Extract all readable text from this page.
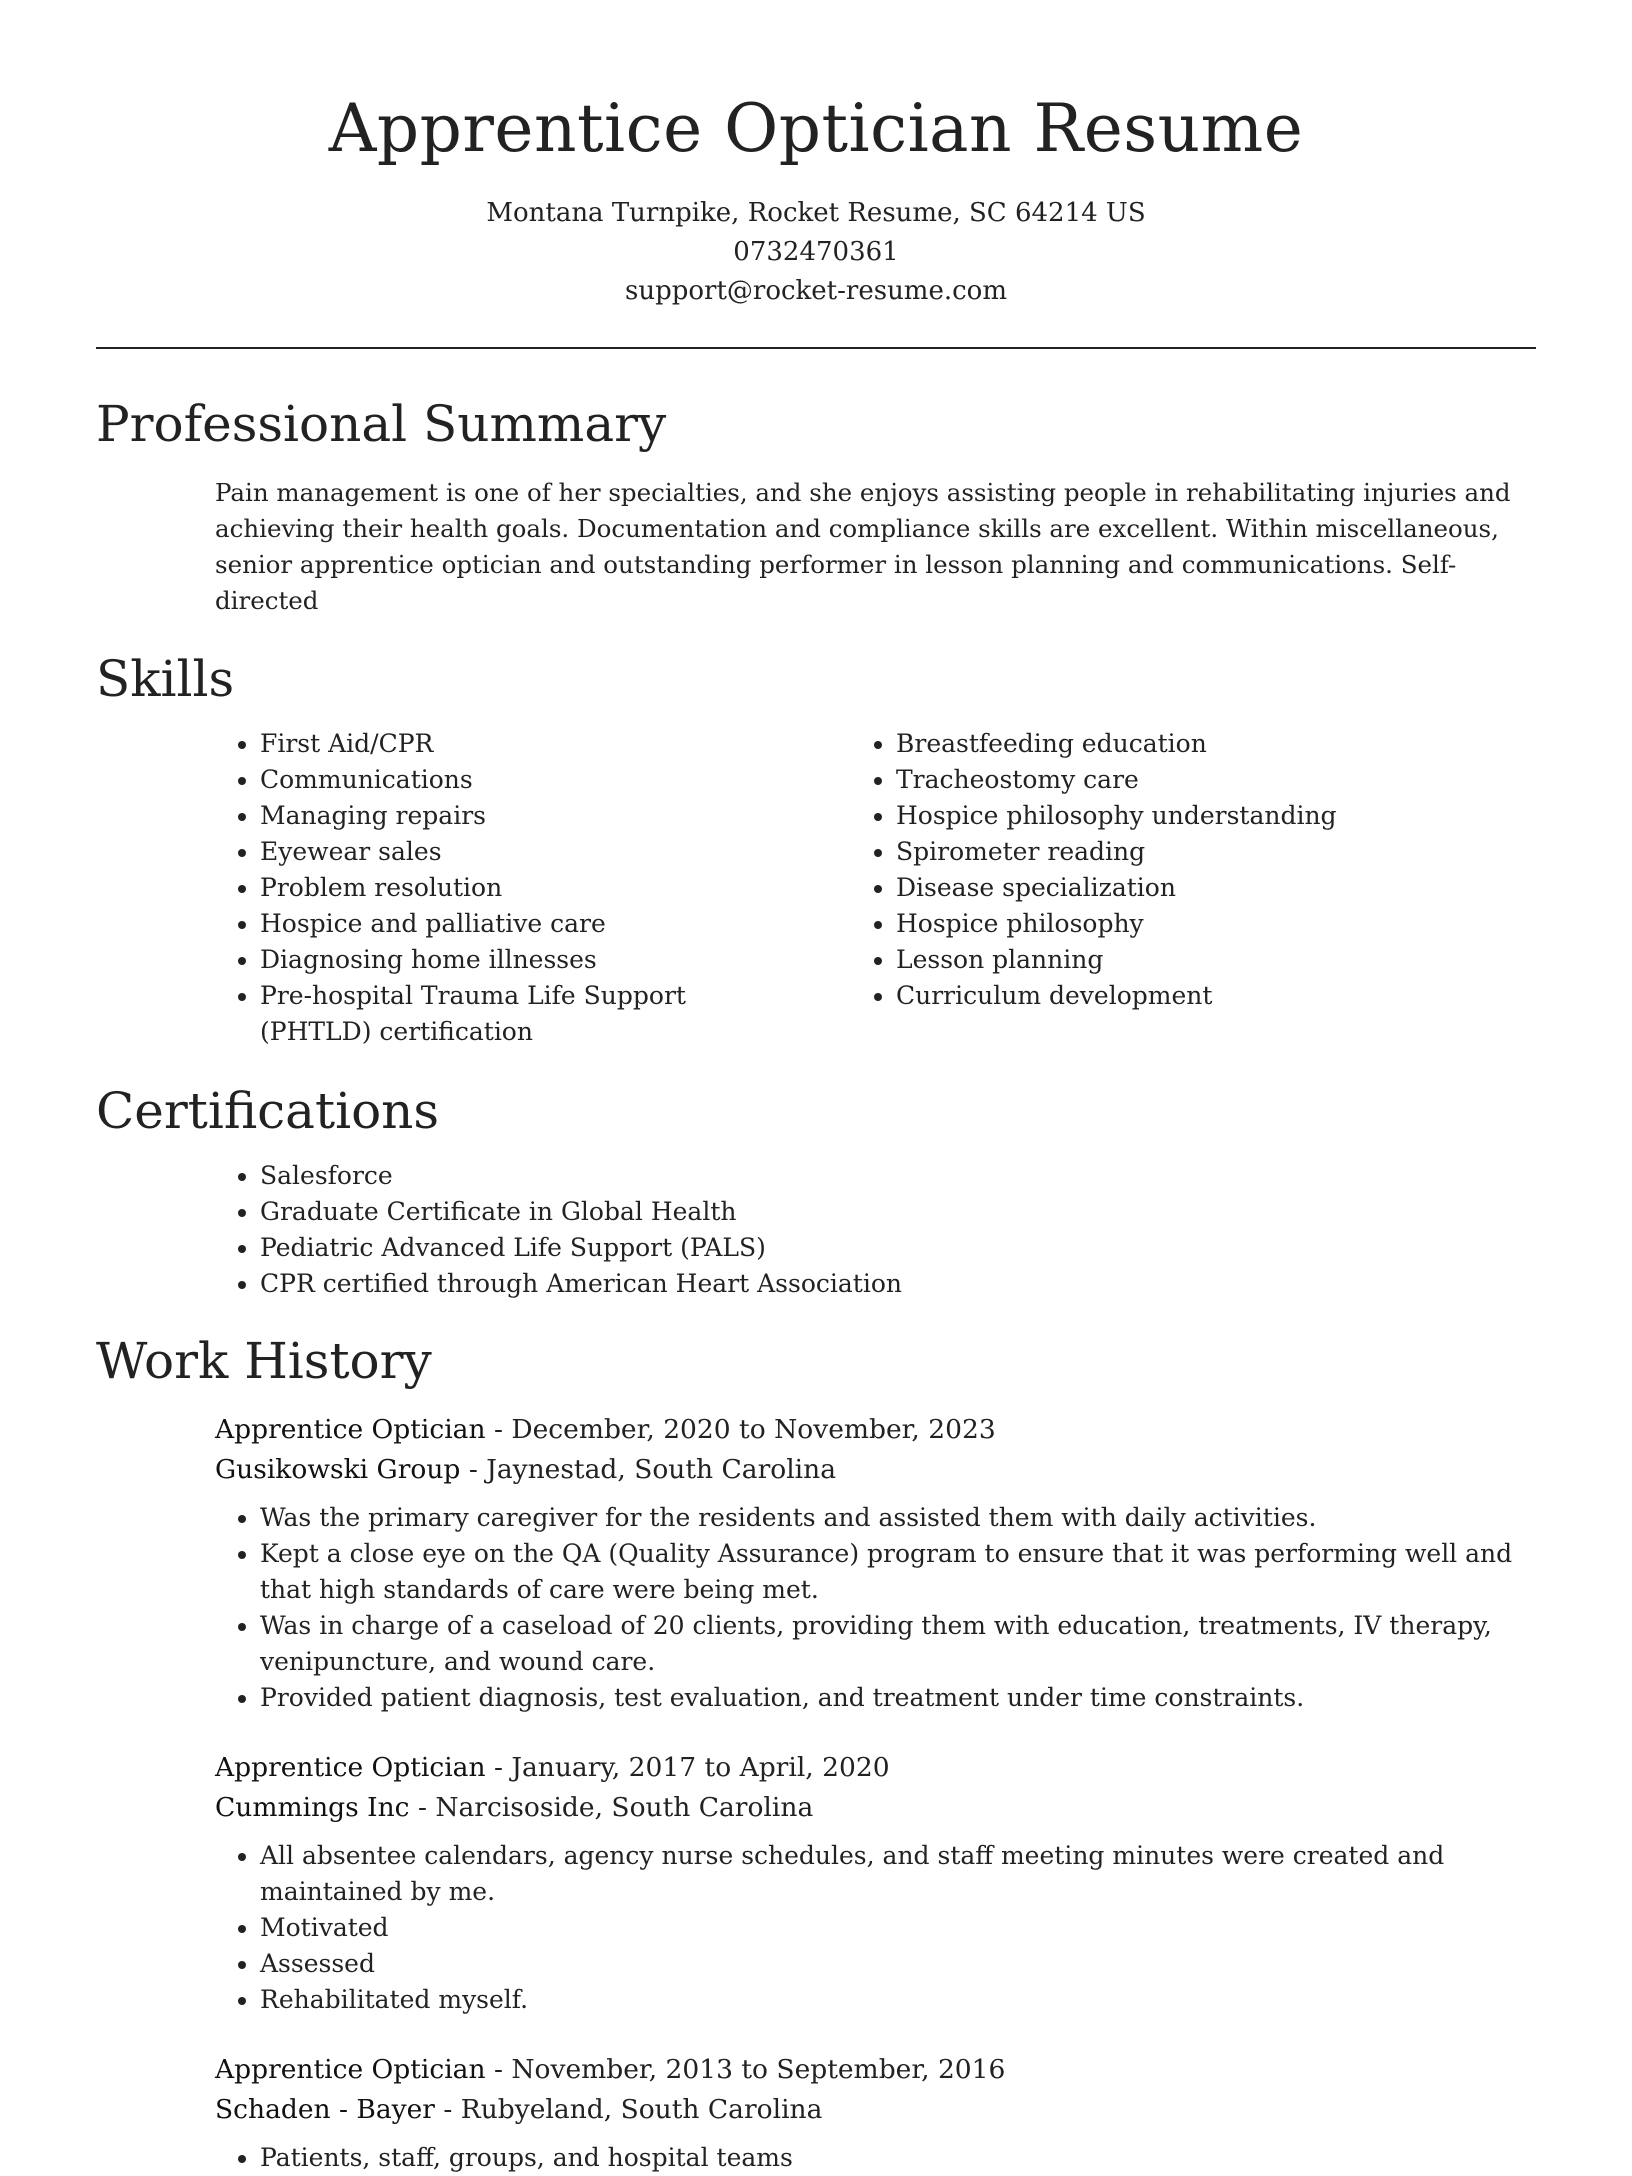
Apprentice Optician Resume
Montana Turnpike, Rocket Resume, SC 64214 US
0732470361
support@rocket-resume.com
Professional Summary

Pain management is one of her specialties, and she enjoys assisting people in rehabilitating injuries and achieving their health goals. Documentation and compliance skills are excellent. Within miscellaneous, senior apprentice optician and outstanding performer in lesson planning and communications. Self-directed

Skills
• First Aid/CPR
• Communications
• Managing repairs
• Eyewear sales
• Problem resolution
• Hospice and palliative care
• Diagnosing home illnesses
• Pre-hospital Trauma Life Support (PHTLD) certification
• Breastfeeding education
• Tracheostomy care
• Hospice philosophy understanding
• Spirometer reading
• Disease specialization
• Hospice philosophy
• Lesson planning
• Curriculum development
Certifications
• Salesforce
• Graduate Certificate in Global Health
• Pediatric Advanced Life Support (PALS)
• CPR certified through American Heart Association
Work History
Apprentice Optician - December, 2020 to November, 2023
Gusikowski Group - Jaynestad, South Carolina
• Was the primary caregiver for the residents and assisted them with daily activities.
• Kept a close eye on the QA (Quality Assurance) program to ensure that it was performing well and that high standards of care were being met.
• Was in charge of a caseload of 20 clients, providing them with education, treatments, IV therapy, venipuncture, and wound care.
• Provided patient diagnosis, test evaluation, and treatment under time constraints.
Apprentice Optician - January, 2017 to April, 2020
Cummings Inc - Narcisoside, South Carolina
• All absentee calendars, agency nurse schedules, and staff meeting minutes were created and maintained by me.
• Motivated
• Assessed
• Rehabilitated myself.
Apprentice Optician - November, 2013 to September, 2016
Schaden - Bayer - Rubyeland, South Carolina
• Patients, staff, groups, and hospital teams
